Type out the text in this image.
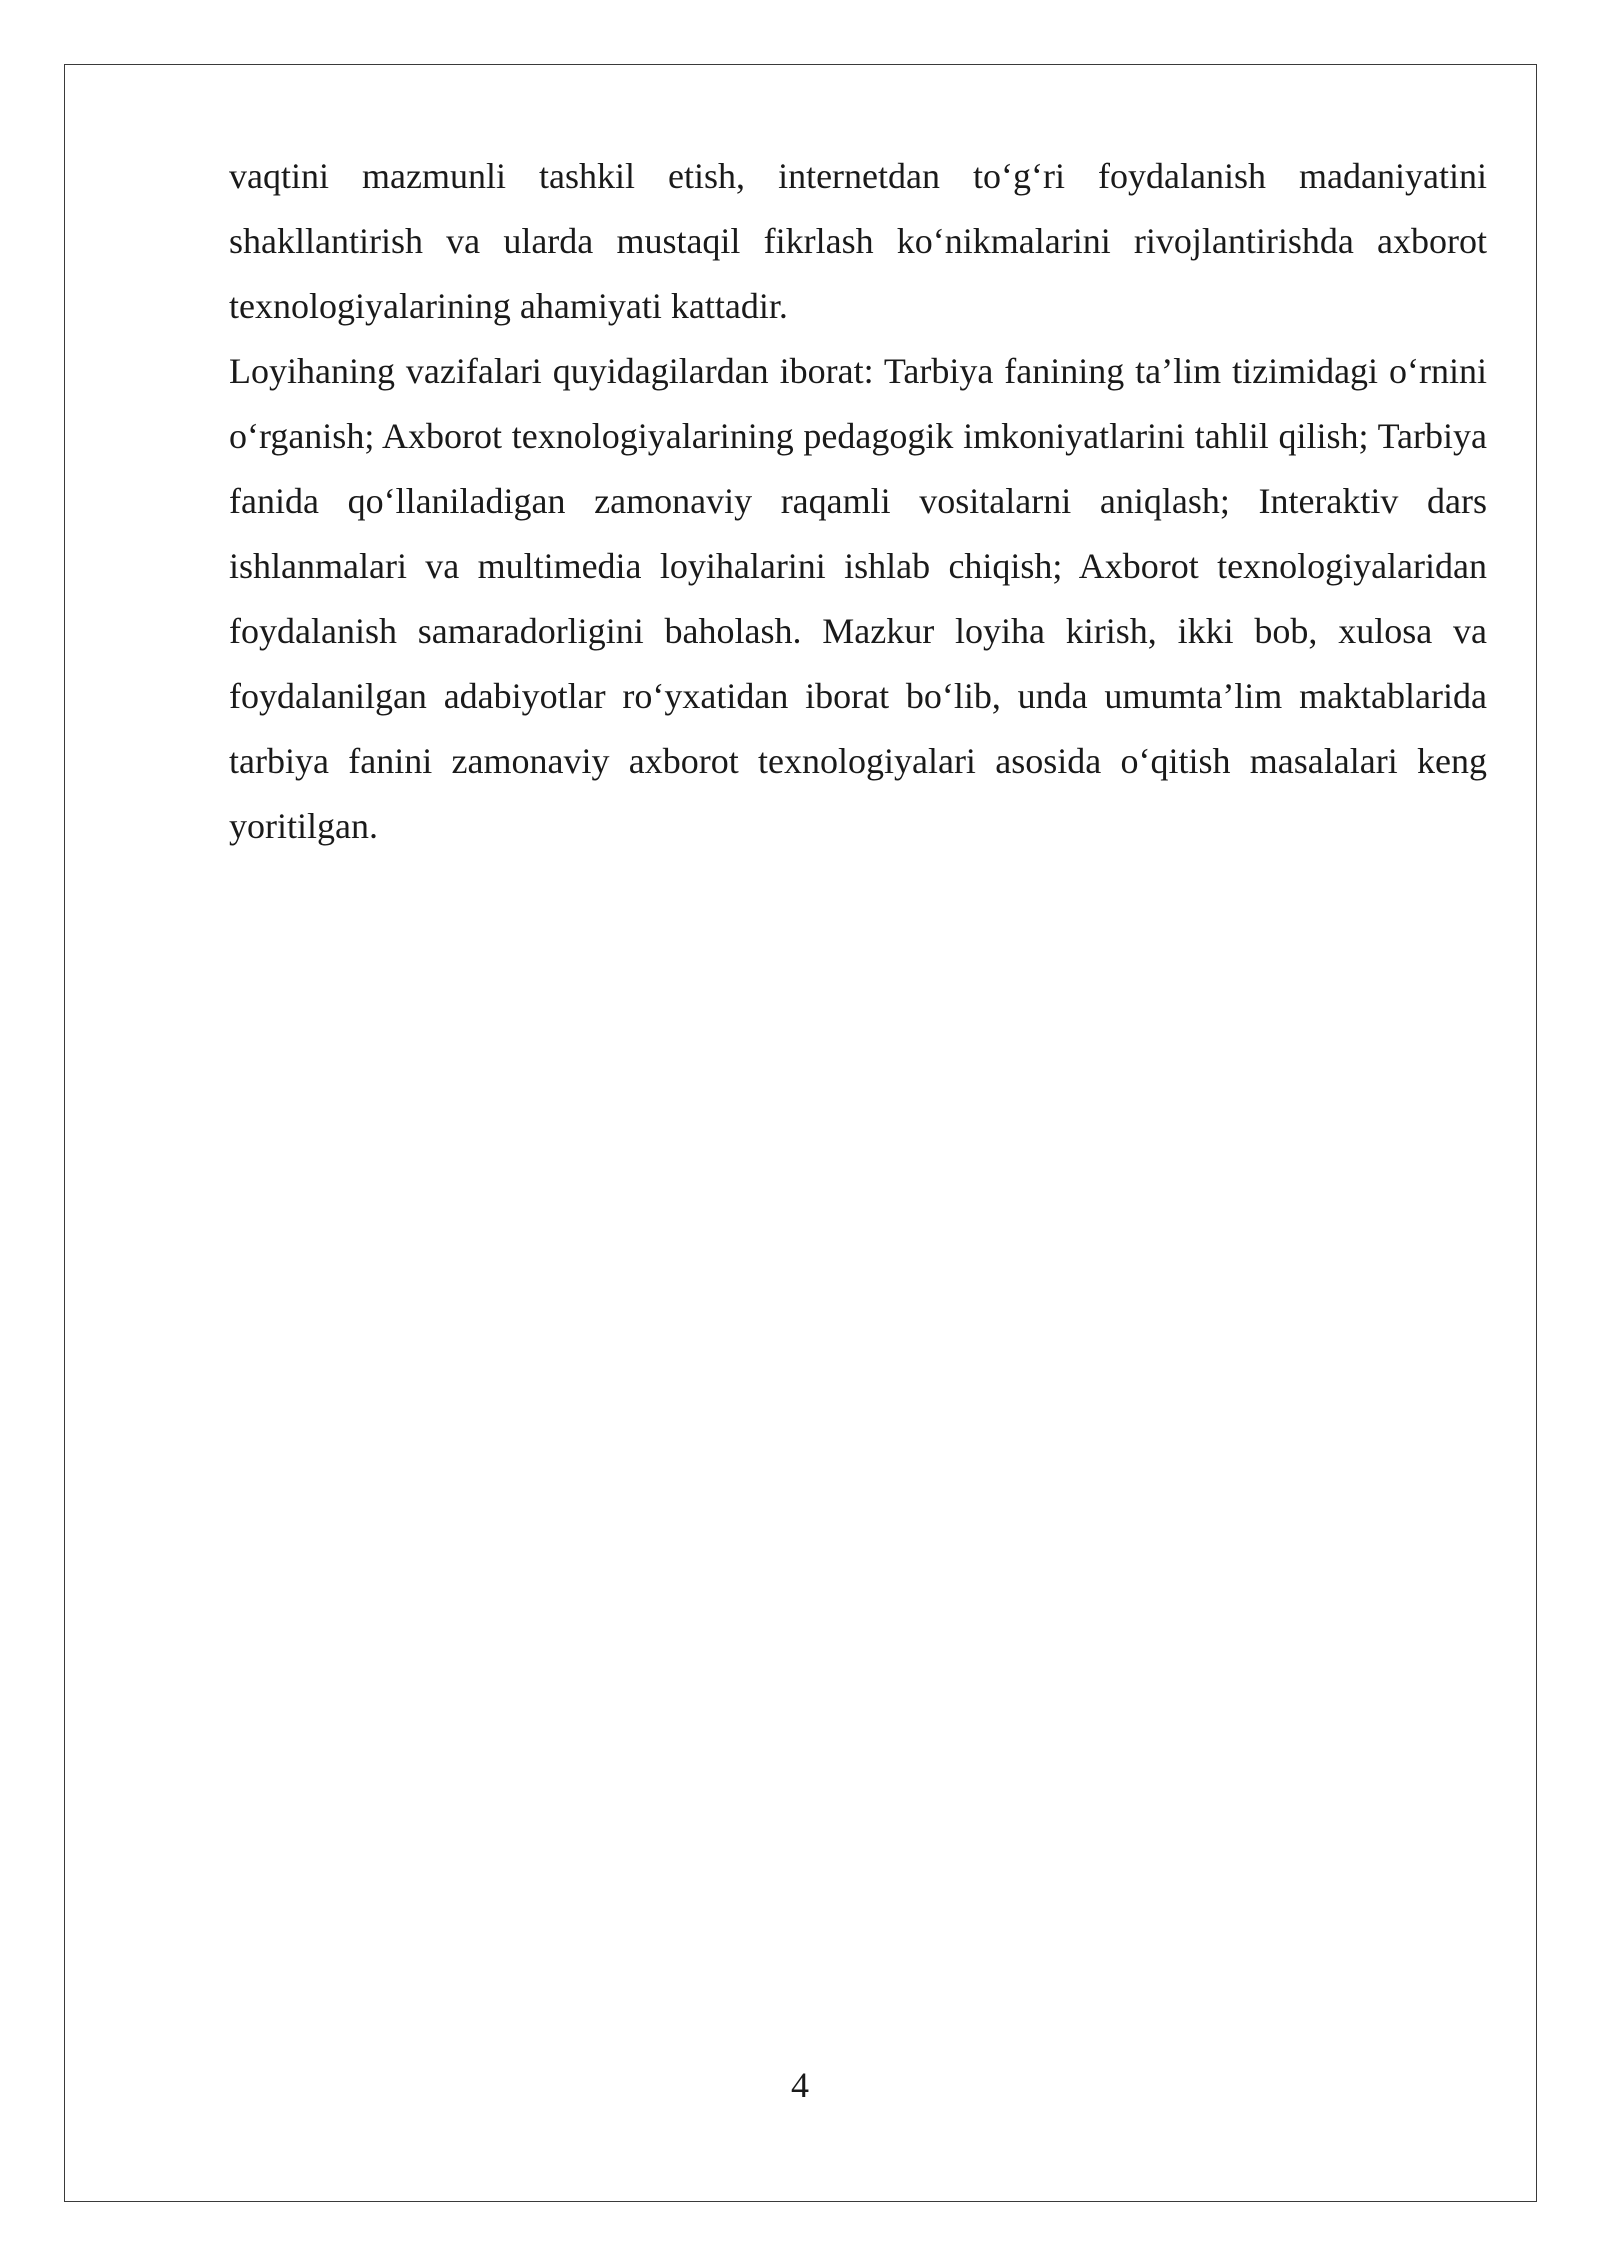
vaqtini mazmunli tashkil etish, internetdan to‘g‘ri foydalanish madaniyatini shakllantirish va ularda mustaqil fikrlash ko‘nikmalarini rivojlantirishda axborot texnologiyalarining ahamiyati kattadir.

Loyihaning vazifalari quyidagilardan iborat: Tarbiya fanining ta’lim tizimidagi o‘rnini o‘rganish; Axborot texnologiyalarining pedagogik imkoniyatlarini tahlil qilish; Tarbiya fanida qo‘llaniladigan zamonaviy raqamli vositalarni aniqlash; Interaktiv dars ishlanmalari va multimedia loyihalarini ishlab chiqish; Axborot texnologiyalaridan foydalanish samaradorligini baholash. Mazkur loyiha kirish, ikki bob, xulosa va foydalanilgan adabiyotlar ro‘yxatidan iborat bo‘lib, unda umumta’lim maktablarida tarbiya fanini zamonaviy axborot texnologiyalari asosida o‘qitish masalalari keng yoritilgan.

4
